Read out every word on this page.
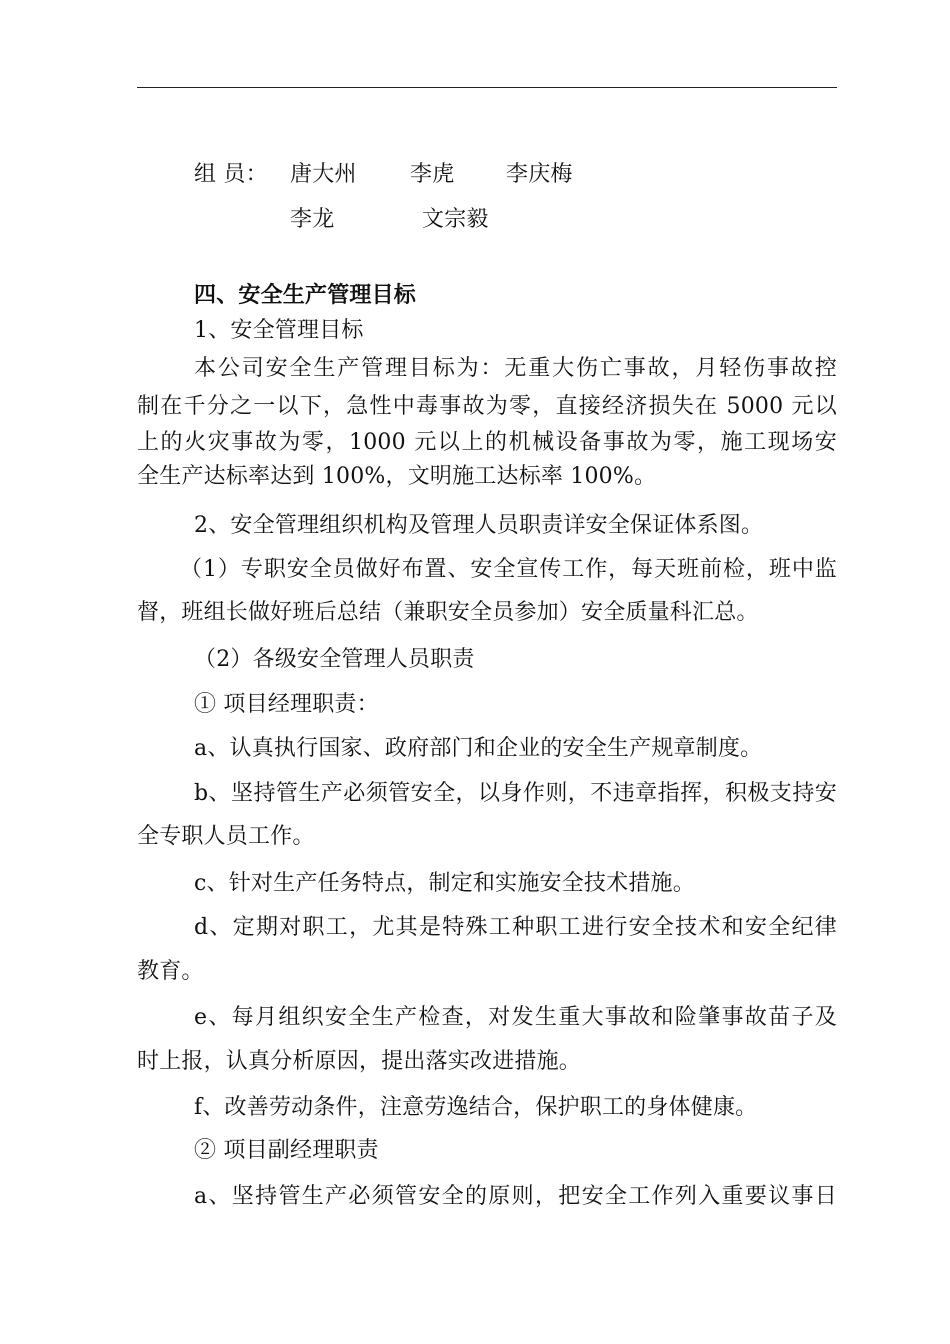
组 员： 唐大州 李虎 李庆梅
李龙	文宗毅
四、安全生产管理目标
1、安全管理目标
本公司安全生产管理目标为：无重大伤亡事故，月轻伤事故控
制在千分之一以下，急性中毒事故为零，直接经济损失在 5000 元以
上的火灾事故为零，1000 元以上的机械设备事故为零，施工现场安
全生产达标率达到 100%，文明施工达标率 100%。
2、安全管理组织机构及管理人员职责详安全保证体系图。
（1）专职安全员做好布置、安全宣传工作，每天班前检，班中监
督，班组长做好班后总结（兼职安全员参加）安全质量科汇总。
（2）各级安全管理人员职责
① 项目经理职责：
a、认真执行国家、政府部门和企业的安全生产规章制度。
b、坚持管生产必须管安全，以身作则，不违章指挥，积极支持安
全专职人员工作。
c、针对生产任务特点，制定和实施安全技术措施。
d、定期对职工，尤其是特殊工种职工进行安全技术和安全纪律
教育。
e、每月组织安全生产检查，对发生重大事故和险肇事故苗子及
时上报，认真分析原因，提出落实改进措施。
f、改善劳动条件，注意劳逸结合，保护职工的身体健康。
② 项目副经理职责
a、坚持管生产必须管安全的原则，把安全工作列入重要议事日
